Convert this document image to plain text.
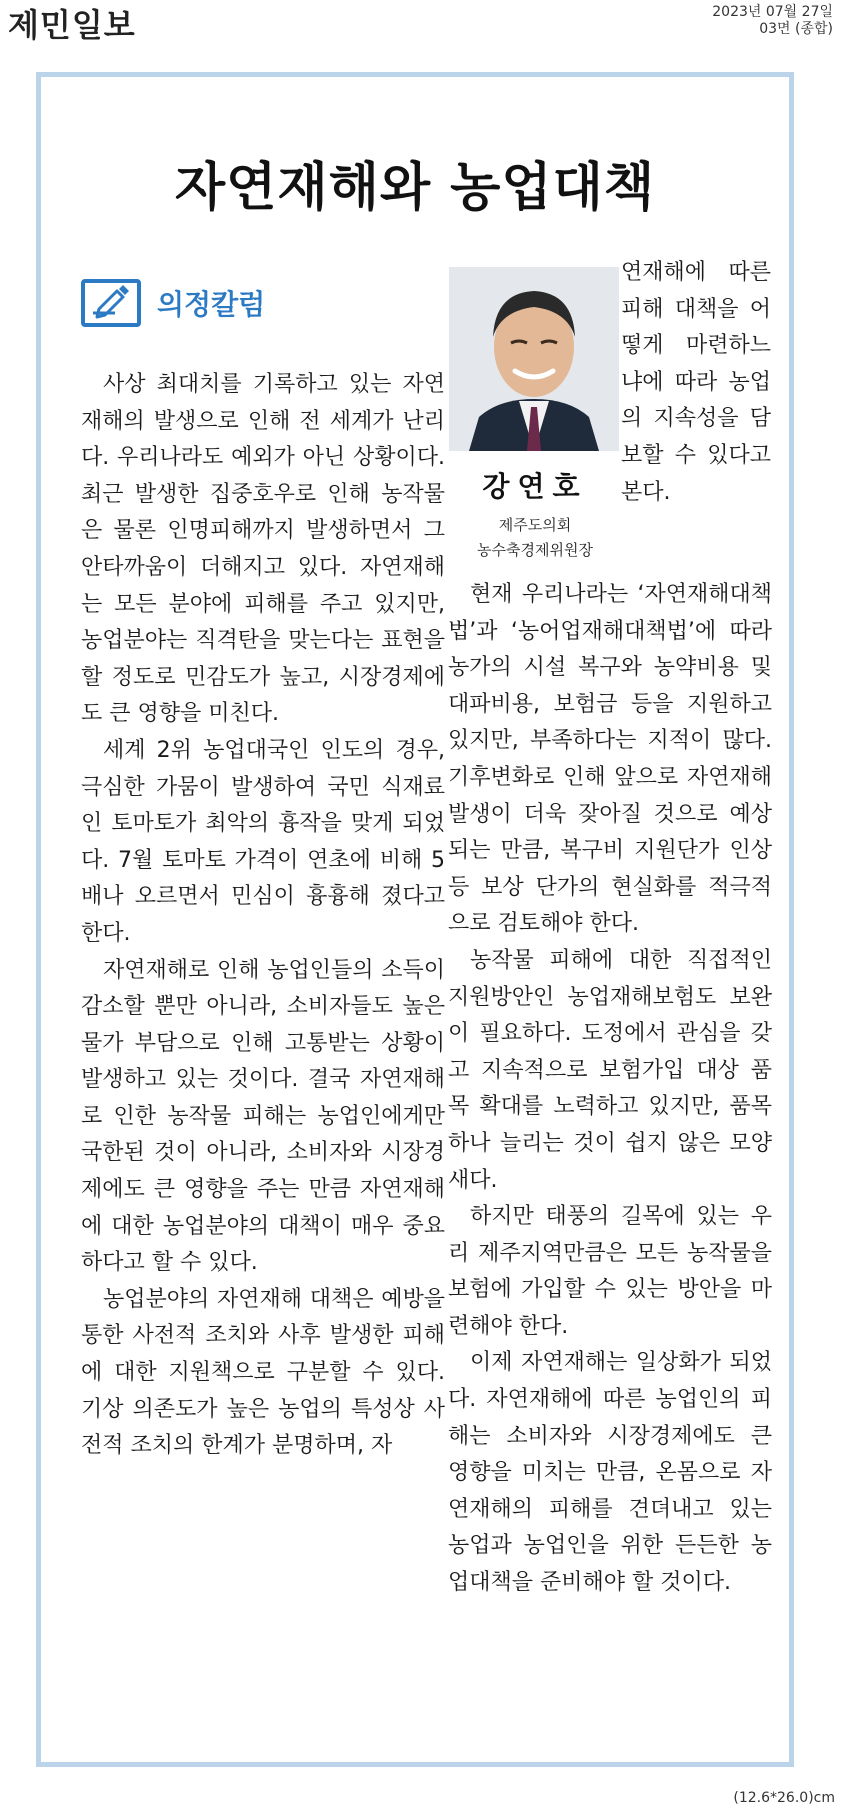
제민일보	2023년 07월 27일
03면 (종합)
자연재해와 농업대책
의정칼럼

사상 최대치를 기록하고 있는 자연재해의 발생으로 인해 전 세계가 난리다. 우리나라도 예외가 아닌 상황이다. 최근 발생한 집중호우로 인해 농작물은 물론 인명피해까지 발생하면서 그 안타까움이 더해지고 있다. 자연재해는 모든 분야에 피해를 주고 있지만, 농업분야는 직격탄을 맞는다는 표현을 할 정도로 민감도가 높고, 시장경제에도 큰 영향을 미친다.

세계 2위 농업대국인 인도의 경우, 극심한 가뭄이 발생하여 국민 식재료인 토마토가 최악의 흉작을 맞게 되었다. 7월 토마토 가격이 연초에 비해 5배나 오르면서 민심이 흉흉해 졌다고 한다.

자연재해로 인해 농업인들의 소득이 감소할 뿐만 아니라, 소비자들도 높은 물가 부담으로 인해 고통받는 상황이 발생하고 있는 것이다. 결국 자연재해로 인한 농작물 피해는 농업인에게만 국한된 것이 아니라, 소비자와 시장경제에도 큰 영향을 주는 만큼 자연재해에 대한 농업분야의 대책이 매우 중요하다고 할 수 있다.

농업분야의 자연재해 대책은 예방을 통한 사전적 조치와 사후 발생한 피해에 대한 지원책으로 구분할 수 있다. 기상 의존도가 높은 농업의 특성상 사전적 조치의 한계가 분명하며, 자

강연호
제주도의회
농수축경제위원장

연재해에 따른 피해 대책을 어떻게 마련하느냐에 따라 농업의 지속성을 담보할 수 있다고 본다.

현재 우리나라는 ‘자연재해대책법’과 ‘농어업재해대책법’에 따라 농가의 시설 복구와 농약비용 및 대파비용, 보험금 등을 지원하고 있지만, 부족하다는 지적이 많다. 기후변화로 인해 앞으로 자연재해 발생이 더욱 잦아질 것으로 예상되는 만큼, 복구비 지원단가 인상 등 보상 단가의 현실화를 적극적으로 검토해야 한다.

농작물 피해에 대한 직접적인 지원방안인 농업재해보험도 보완이 필요하다. 도정에서 관심을 갖고 지속적으로 보험가입 대상 품목 확대를 노력하고 있지만, 품목 하나 늘리는 것이 쉽지 않은 모양새다.

하지만 태풍의 길목에 있는 우리 제주지역만큼은 모든 농작물을 보험에 가입할 수 있는 방안을 마련해야 한다.

이제 자연재해는 일상화가 되었다. 자연재해에 따른 농업인의 피해는 소비자와 시장경제에도 큰 영향을 미치는 만큼, 온몸으로 자연재해의 피해를 견뎌내고 있는 농업과 농업인을 위한 든든한 농업대책을 준비해야 할 것이다.

(12.6*26.0)cm
